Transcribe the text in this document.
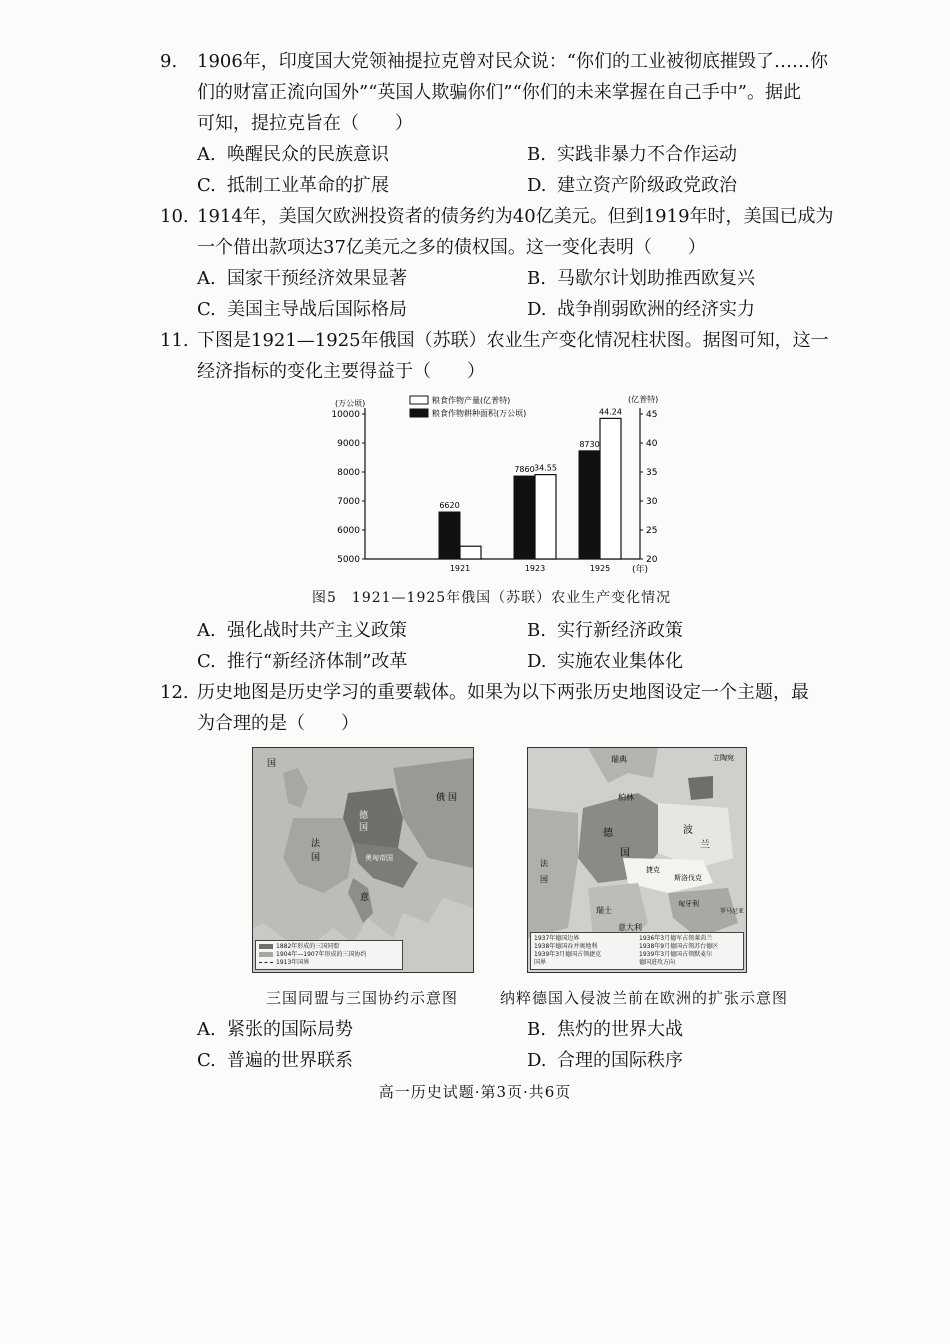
9.	1906年，印度国大党领袖提拉克曾对民众说：“你们的工业被彻底摧毁了……你
们的财富正流向国外”“英国人欺骗你们”“你们的未来掌握在自己手中”。据此
可知，提拉克旨在（　　）
A. 唤醒民众的民族意识	B. 实践非暴力不合作运动
C. 抵制工业革命的扩展	D. 建立资产阶级政党政治
10. 1914年，美国欠欧洲投资者的债务约为40亿美元。但到1919年时，美国已成为
一个借出款项达37亿美元之多的债权国。这一变化表明（　　）
A. 国家干预经济效果显著	B. 马歇尔计划助推西欧复兴
C. 美国主导战后国际格局	D. 战争削弱欧洲的经济实力
11. 下图是1921—1925年俄国（苏联）农业生产变化情况柱状图。据图可知，这一
经济指标的变化主要得益于（　　）
5000
6000
7000
8000
9000
10000
20
25
30
35
40
45
(万公顷)	(亿普特)
(年)
粮食作物产量(亿普特)
粮食作物耕种面积(万公顷)
6620
1921
7860 34.55
1923
8730
44.24
1925
图5　1921—1925年俄国（苏联）农业生产变化情况
A. 强化战时共产主义政策	B. 实行新经济政策
C. 推行“新经济体制”改革	D. 实施农业集体化
12. 历史地图是历史学习的重要载体。如果为以下两张历史地图设定一个主题，最
为合理的是（　　）
国
俄 国
德
国
奥匈帝国
法
国
意
1882年形成的三国同盟
1904年—1907年形成的三国协约
1913年国界
三国同盟与三国协约示意图
瑞典	立陶宛
柏林
德
国
波
兰
捷克
斯洛伐克
匈牙利
罗马尼亚
瑞士
意大利
法
国
1937年德国边界	1936年3月德军占领莱茵兰
1938年德国吞并奥地利	1938年9月德国占领苏台德区
1939年3月德国占领捷克	1939年3月德国占领默麦尔
国界	德国进攻方向
纳粹德国入侵波兰前在欧洲的扩张示意图
A. 紧张的国际局势	B. 焦灼的世界大战
C. 普遍的世界联系	D. 合理的国际秩序
高一历史试题·第3页·共6页
